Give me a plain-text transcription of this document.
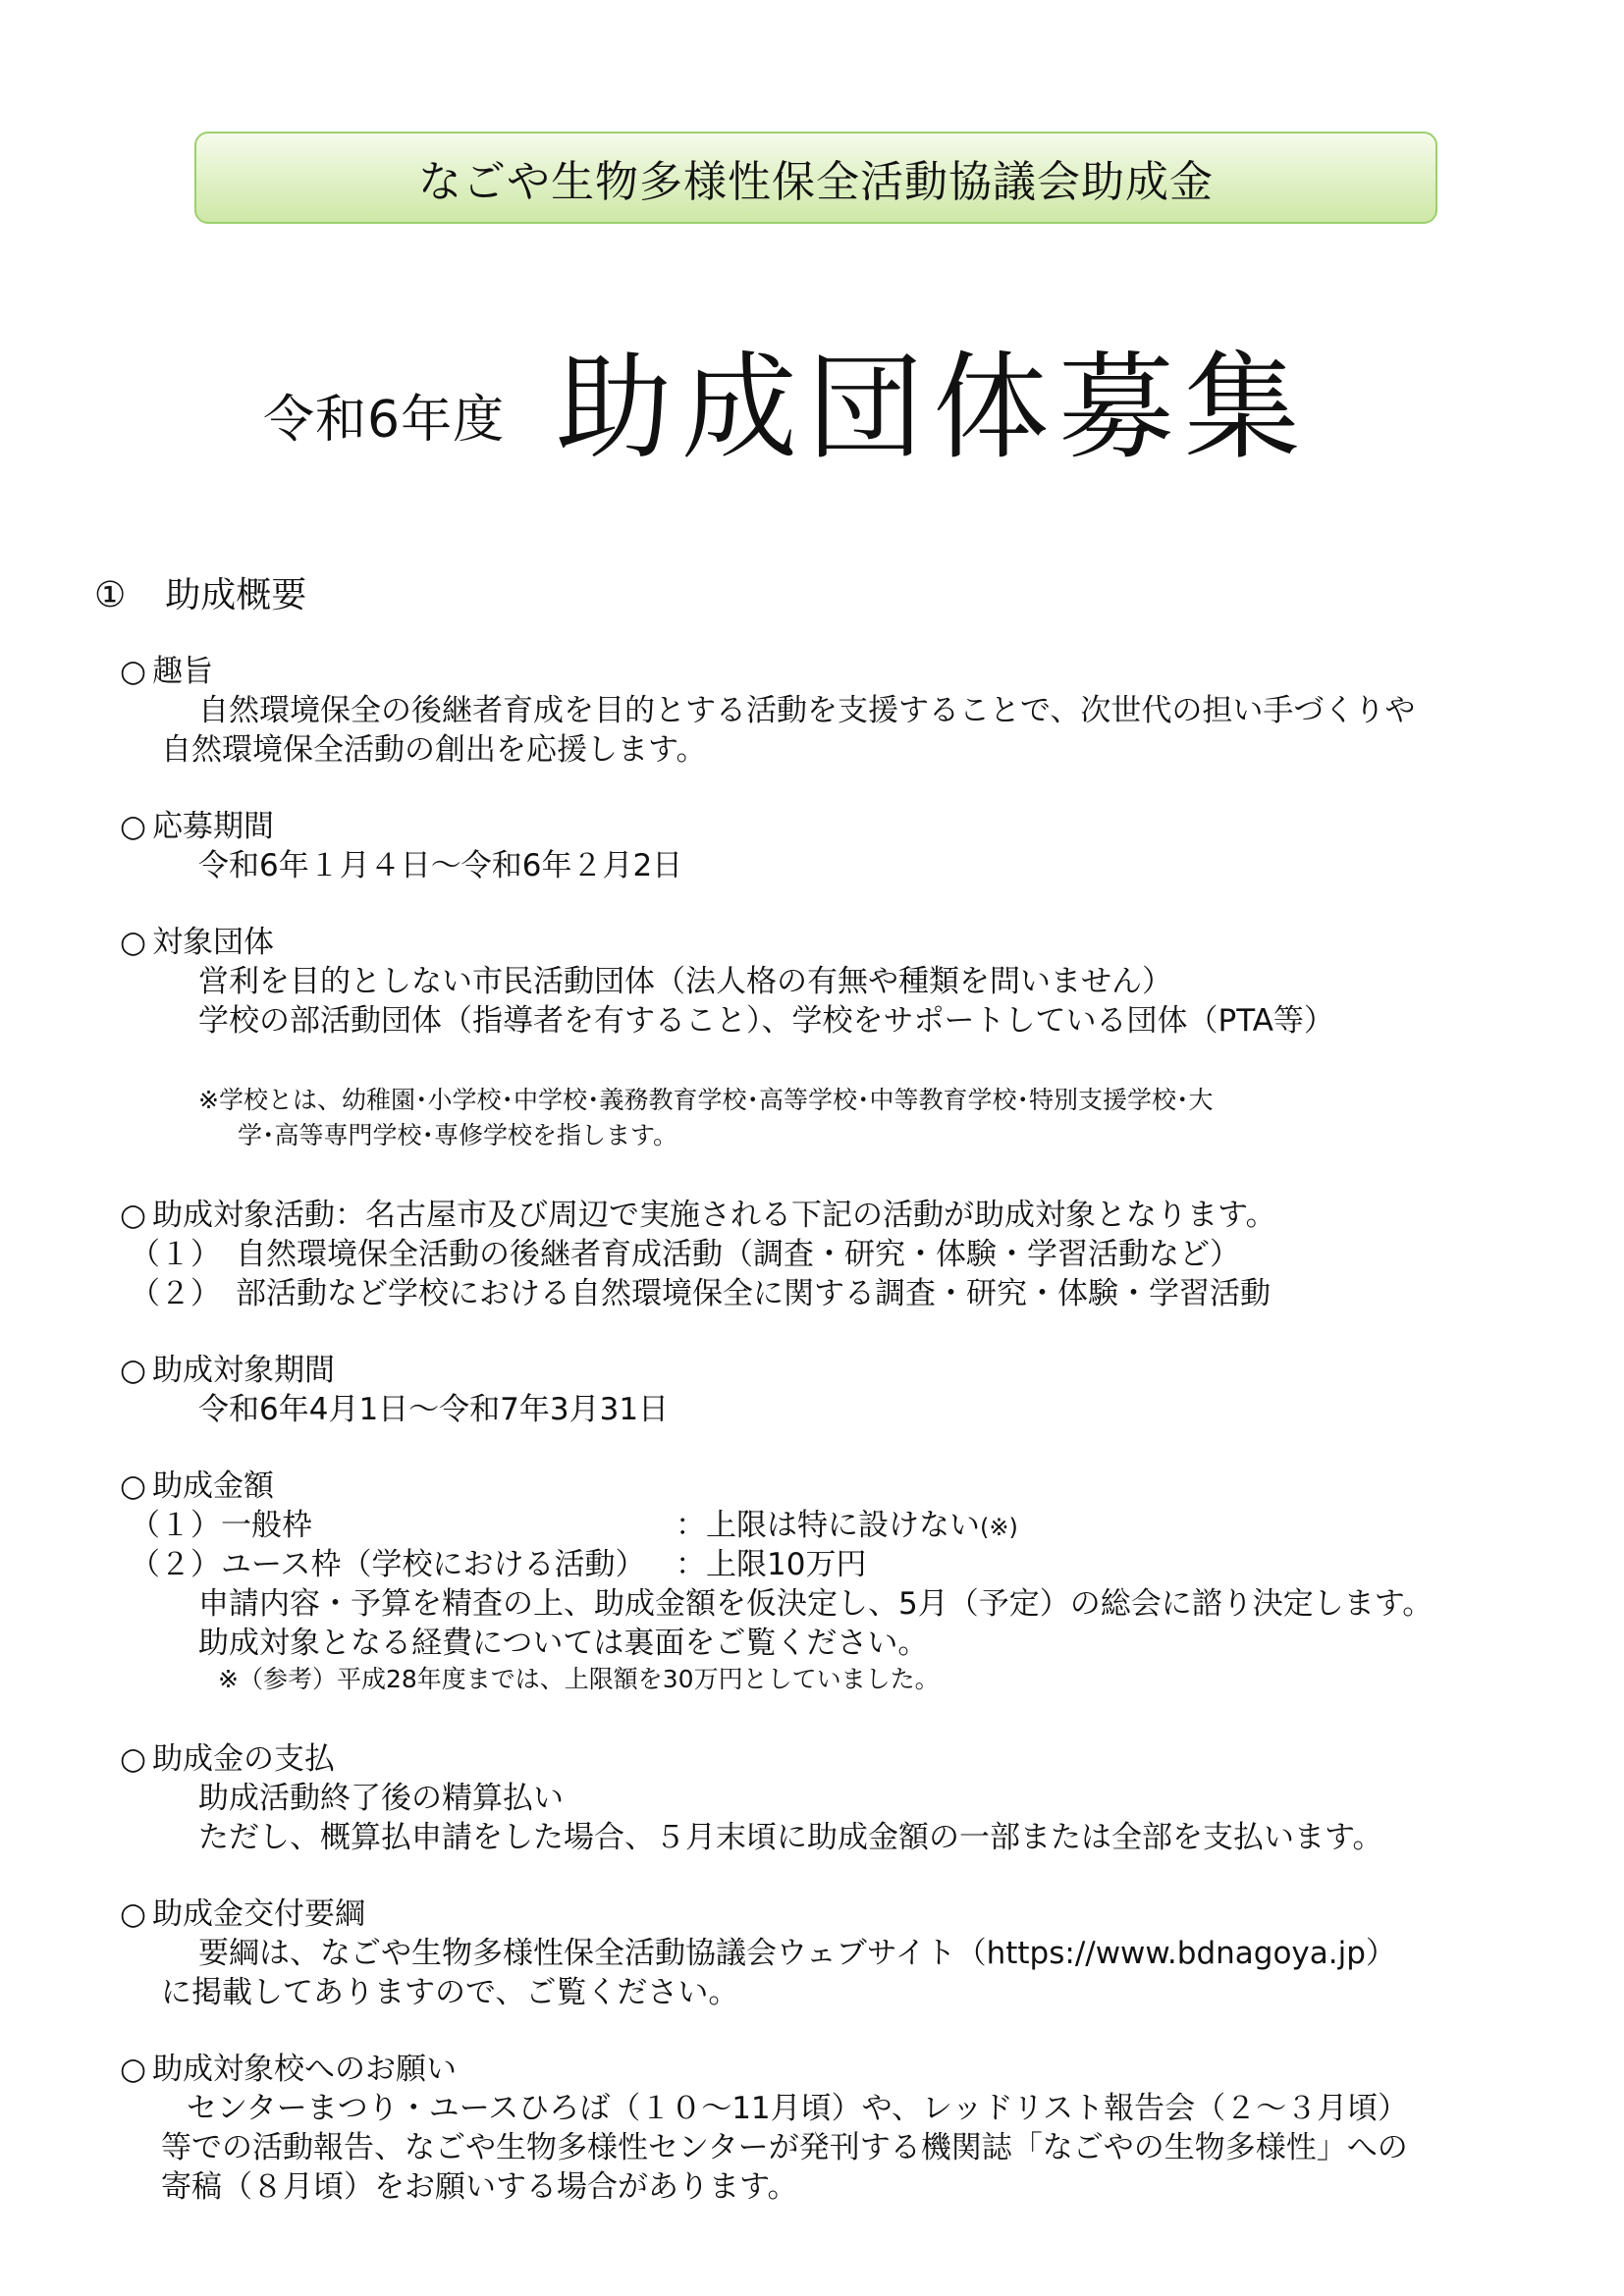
なごや生物多様性保全活動協議会助成金
令和6年度 助成団体募集
① 助成概要
○ 趣旨
自然環境保全の後継者育成を目的とする活動を支援することで、次世代の担い手づくりや
自然環境保全活動の創出を応援します。
○ 応募期間
令和6年１月４日～令和6年２月2日
○ 対象団体
営利を目的としない市民活動団体（法人格の有無や種類を問いません）
学校の部活動団体（指導者を有すること）、学校をサポートしている団体（PTA等）
※学校とは、幼稚園･小学校･中学校･義務教育学校･高等学校･中等教育学校･特別支援学校･大
学･高等専門学校･専修学校を指します。
○ 助成対象活動：名古屋市及び周辺で実施される下記の活動が助成対象となります。
（１） 自然環境保全活動の後継者育成活動（調査・研究・体験・学習活動など）
（２） 部活動など学校における自然環境保全に関する調査・研究・体験・学習活動
○ 助成対象期間
令和6年4月1日～令和7年3月31日
○ 助成金額
（１）一般枠	：上限は特に設けない(※)
（２）ユース枠（学校における活動） ：上限10万円
申請内容・予算を精査の上、助成金額を仮決定し、5月（予定）の総会に諮り決定します。
助成対象となる経費については裏面をご覧ください。
※（参考）平成28年度までは、上限額を30万円としていました。
○ 助成金の支払
助成活動終了後の精算払い
ただし、概算払申請をした場合、５月末頃に助成金額の一部または全部を支払います。
○ 助成金交付要綱
要綱は、なごや生物多様性保全活動協議会ウェブサイト（https://www.bdnagoya.jp）
に掲載してありますので、ご覧ください。
○ 助成対象校へのお願い
センターまつり・ユースひろば（１０～11月頃）や、レッドリスト報告会（２～３月頃）
等での活動報告、なごや生物多様性センターが発刊する機関誌「なごやの生物多様性」への
寄稿（８月頃）をお願いする場合があります。
